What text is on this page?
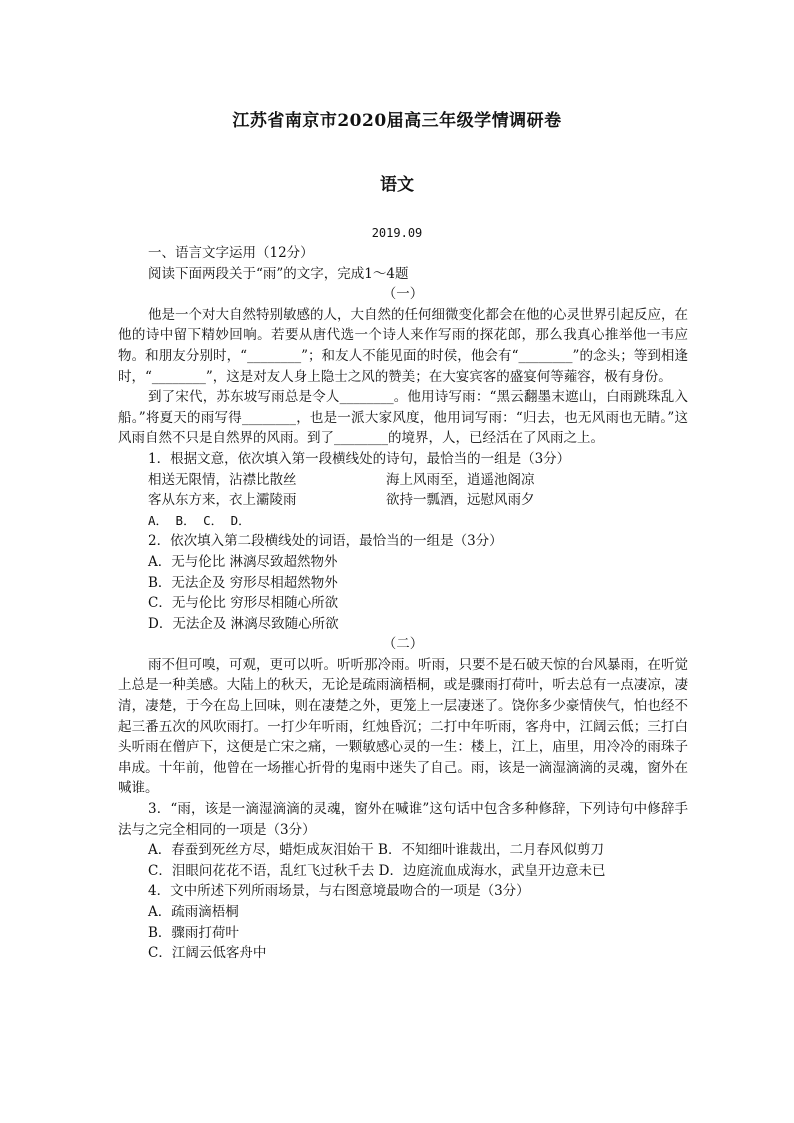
江苏省南京市2020届高三年级学情调研卷
语文
2019.09

一、语言文字运用（12分）

阅读下面两段关于“雨”的文字，完成1～4题

（一）

他是一个对大自然特别敏感的人，大自然的任何细微变化都会在他的心灵世界引起反应，在他的诗中留下精妙回响。若要从唐代选一个诗人来作写雨的探花郎，那么我真心推举他一韦应物。和朋友分别时，“________”；和友人不能见面的时侯，他会有“________”的念头；等到相逢时，“________”，这是对友人身上隐士之风的赞美；在大宴宾客的盛宴何等蕹容，极有身份。

到了宋代，苏东坡写雨总是令人________。他用诗写雨：“黑云翻墨末遮山，白雨跳珠乱入船。”将夏天的雨写得________，也是一派大家风度，他用词写雨：“归去，也无风雨也无睛。”这风雨自然不只是自然界的风雨。到了________的境界，人，已经活在了风雨之上。

1．根据文意，依次填入第一段横线处的诗句，最恰当的一组是（3分）

相送无限情，沾襟比散丝	海上风雨至，逍遥池阁凉
客从东方来，衣上灞陵雨	欲持一瓢酒，远慰风雨夕

A． B． C． D．

2．依次填入第二段横线处的词语，最恰当的一组是（3分）

A．无与伦比 淋漓尽致超然物外

B．无法企及 穷形尽相超然物外

C．无与伦比 穷形尽相随心所欲

D．无法企及 淋漓尽致随心所欲

（二）

雨不但可嗅，可观，更可以听。听听那冷雨。听雨，只要不是石破天惊的台风暴雨，在听觉上总是一种美感。大陆上的秋天，无论是疏雨滴梧桐，或是骤雨打荷叶，听去总有一点凄凉，凄清，凄楚，于今在岛上回味，则在凄楚之外，更笼上一层凄迷了。饶你多少豪情侠气，怕也经不起三番五次的风吹雨打。一打少年听雨，红烛昏沉；二打中年听雨，客舟中，江阔云低；三打白头听雨在僧庐下，这便是亡宋之痛，一颗敏感心灵的一生：楼上，江上，庙里，用冷冷的雨珠子串成。十年前，他曾在一场摧心折骨的鬼雨中迷失了自己。雨，该是一滴湿滴滴的灵魂，窗外在喊谁。

3．“雨，该是一滴湿滴滴的灵魂，窗外在喊谁”这句话中包含多种修辞，下列诗句中修辞手法与之完全相同的一项是（3分）

A．春蚕到死丝方尽，蜡炬成灰泪始干 B．不知细叶谁裁出，二月春风似剪刀

C．泪眼问花花不语，乱红飞过秋千去 D．边庭流血成海水，武皇开边意未已

4．文中所述下列所雨场景，与右图意境最吻合的一项是（3分）

A．疏雨滴梧桐

B．骤雨打荷叶

C．江阔云低客舟中
